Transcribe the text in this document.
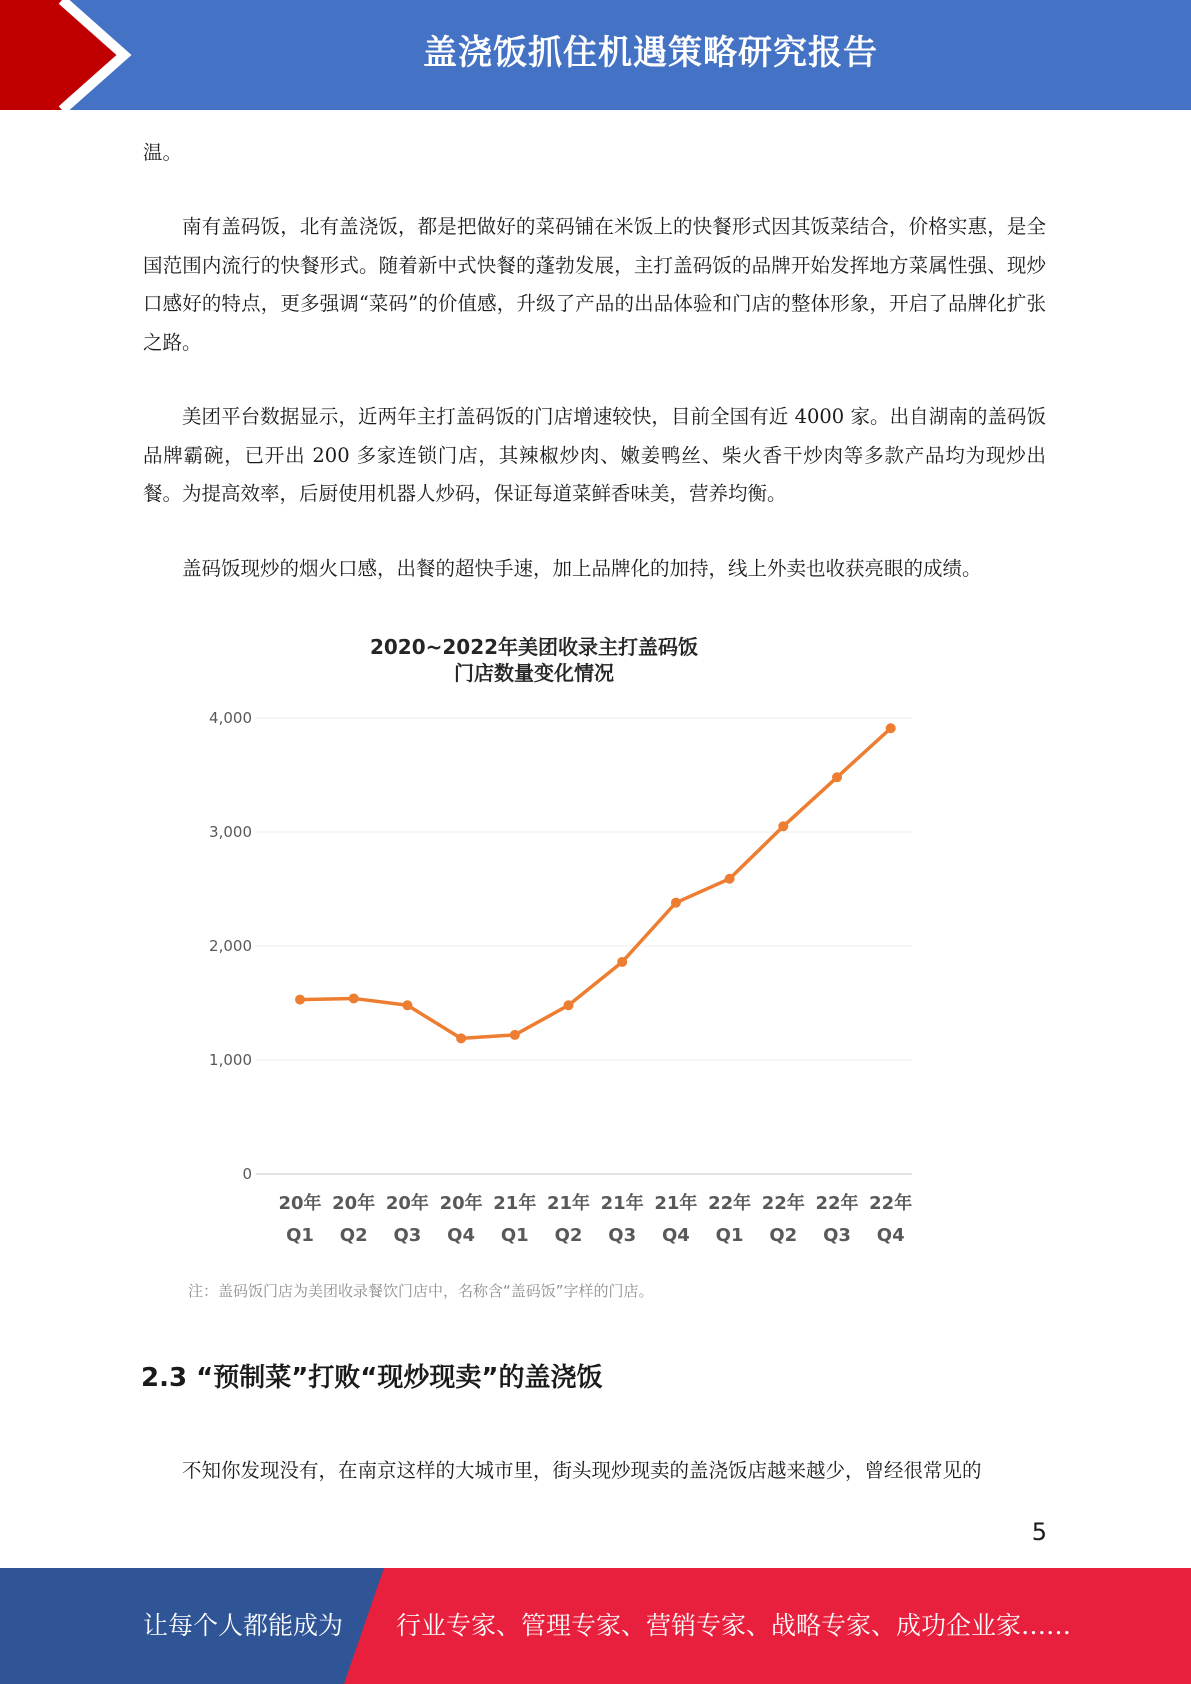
盖浇饭抓住机遇策略研究报告

温。

南有盖码饭，北有盖浇饭，都是把做好的菜码铺在米饭上的快餐形式因其饭菜结合，价格实惠，是全国范围内流行的快餐形式。随着新中式快餐的蓬勃发展，主打盖码饭的品牌开始发挥地方菜属性强、现炒口感好的特点，更多强调“菜码”的价值感，升级了产品的出品体验和门店的整体形象，开启了品牌化扩张之路。

美团平台数据显示，近两年主打盖码饭的门店增速较快，目前全国有近 4000 家。出自湖南的盖码饭品牌霸碗，已开出 200 多家连锁门店，其辣椒炒肉、嫩姜鸭丝、柴火香干炒肉等多款产品均为现炒出餐。为提高效率，后厨使用机器人炒码，保证每道菜鲜香味美，营养均衡。

盖码饭现炒的烟火口感，出餐的超快手速，加上品牌化的加持，线上外卖也收获亮眼的成绩。

2020~2022年美团收录主打盖码饭
门店数量变化情况
0
1,000
2,000
3,000
4,000
20年
Q1
20年
Q2
20年
Q3
20年
Q4
21年
Q1
21年
Q2
21年
Q3
21年
Q4
22年
Q1
22年
Q2
22年
Q3
22年
Q4
注：盖码饭门店为美团收录餐饮门店中，名称含“盖码饭”字样的门店。
2.3 “预制菜”打败“现炒现卖”的盖浇饭

不知你发现没有，在南京这样的大城市里，街头现炒现卖的盖浇饭店越来越少，曾经很常见的

5
让每个人都能成为 行业专家、管理专家、营销专家、战略专家、成功企业家……
